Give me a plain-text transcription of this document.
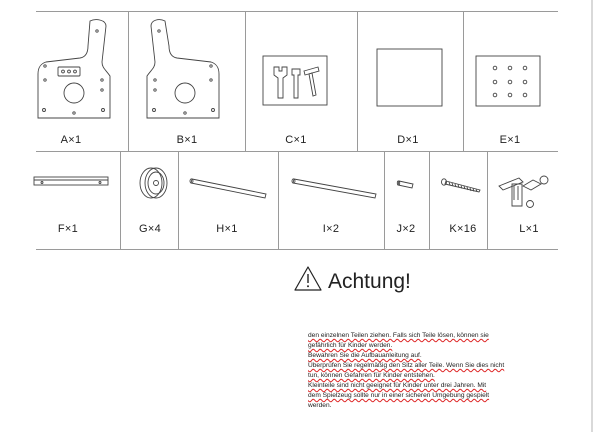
A×1	B×1	C×1	D×1	E×1
F×1	G×4	H×1	I×2	J×2	K×16	L×1
Achtung!
den einzelnen Teilen ziehen. Falls sich Teile lösen, können sie
gefährlich für Kinder werden.
Bewahren Sie die Aufbauanleitung auf.
Überprüfen Sie regelmäßig den Sitz aller Teile. Wenn Sie dies nicht
tun, können Gefahren für Kinder entstehen.
Kleinteile sind nicht geeignet für Kinder unter drei Jahren. Mit
dem Spielzeug sollte nur in einer sicheren Umgebung gespielt
werden.
